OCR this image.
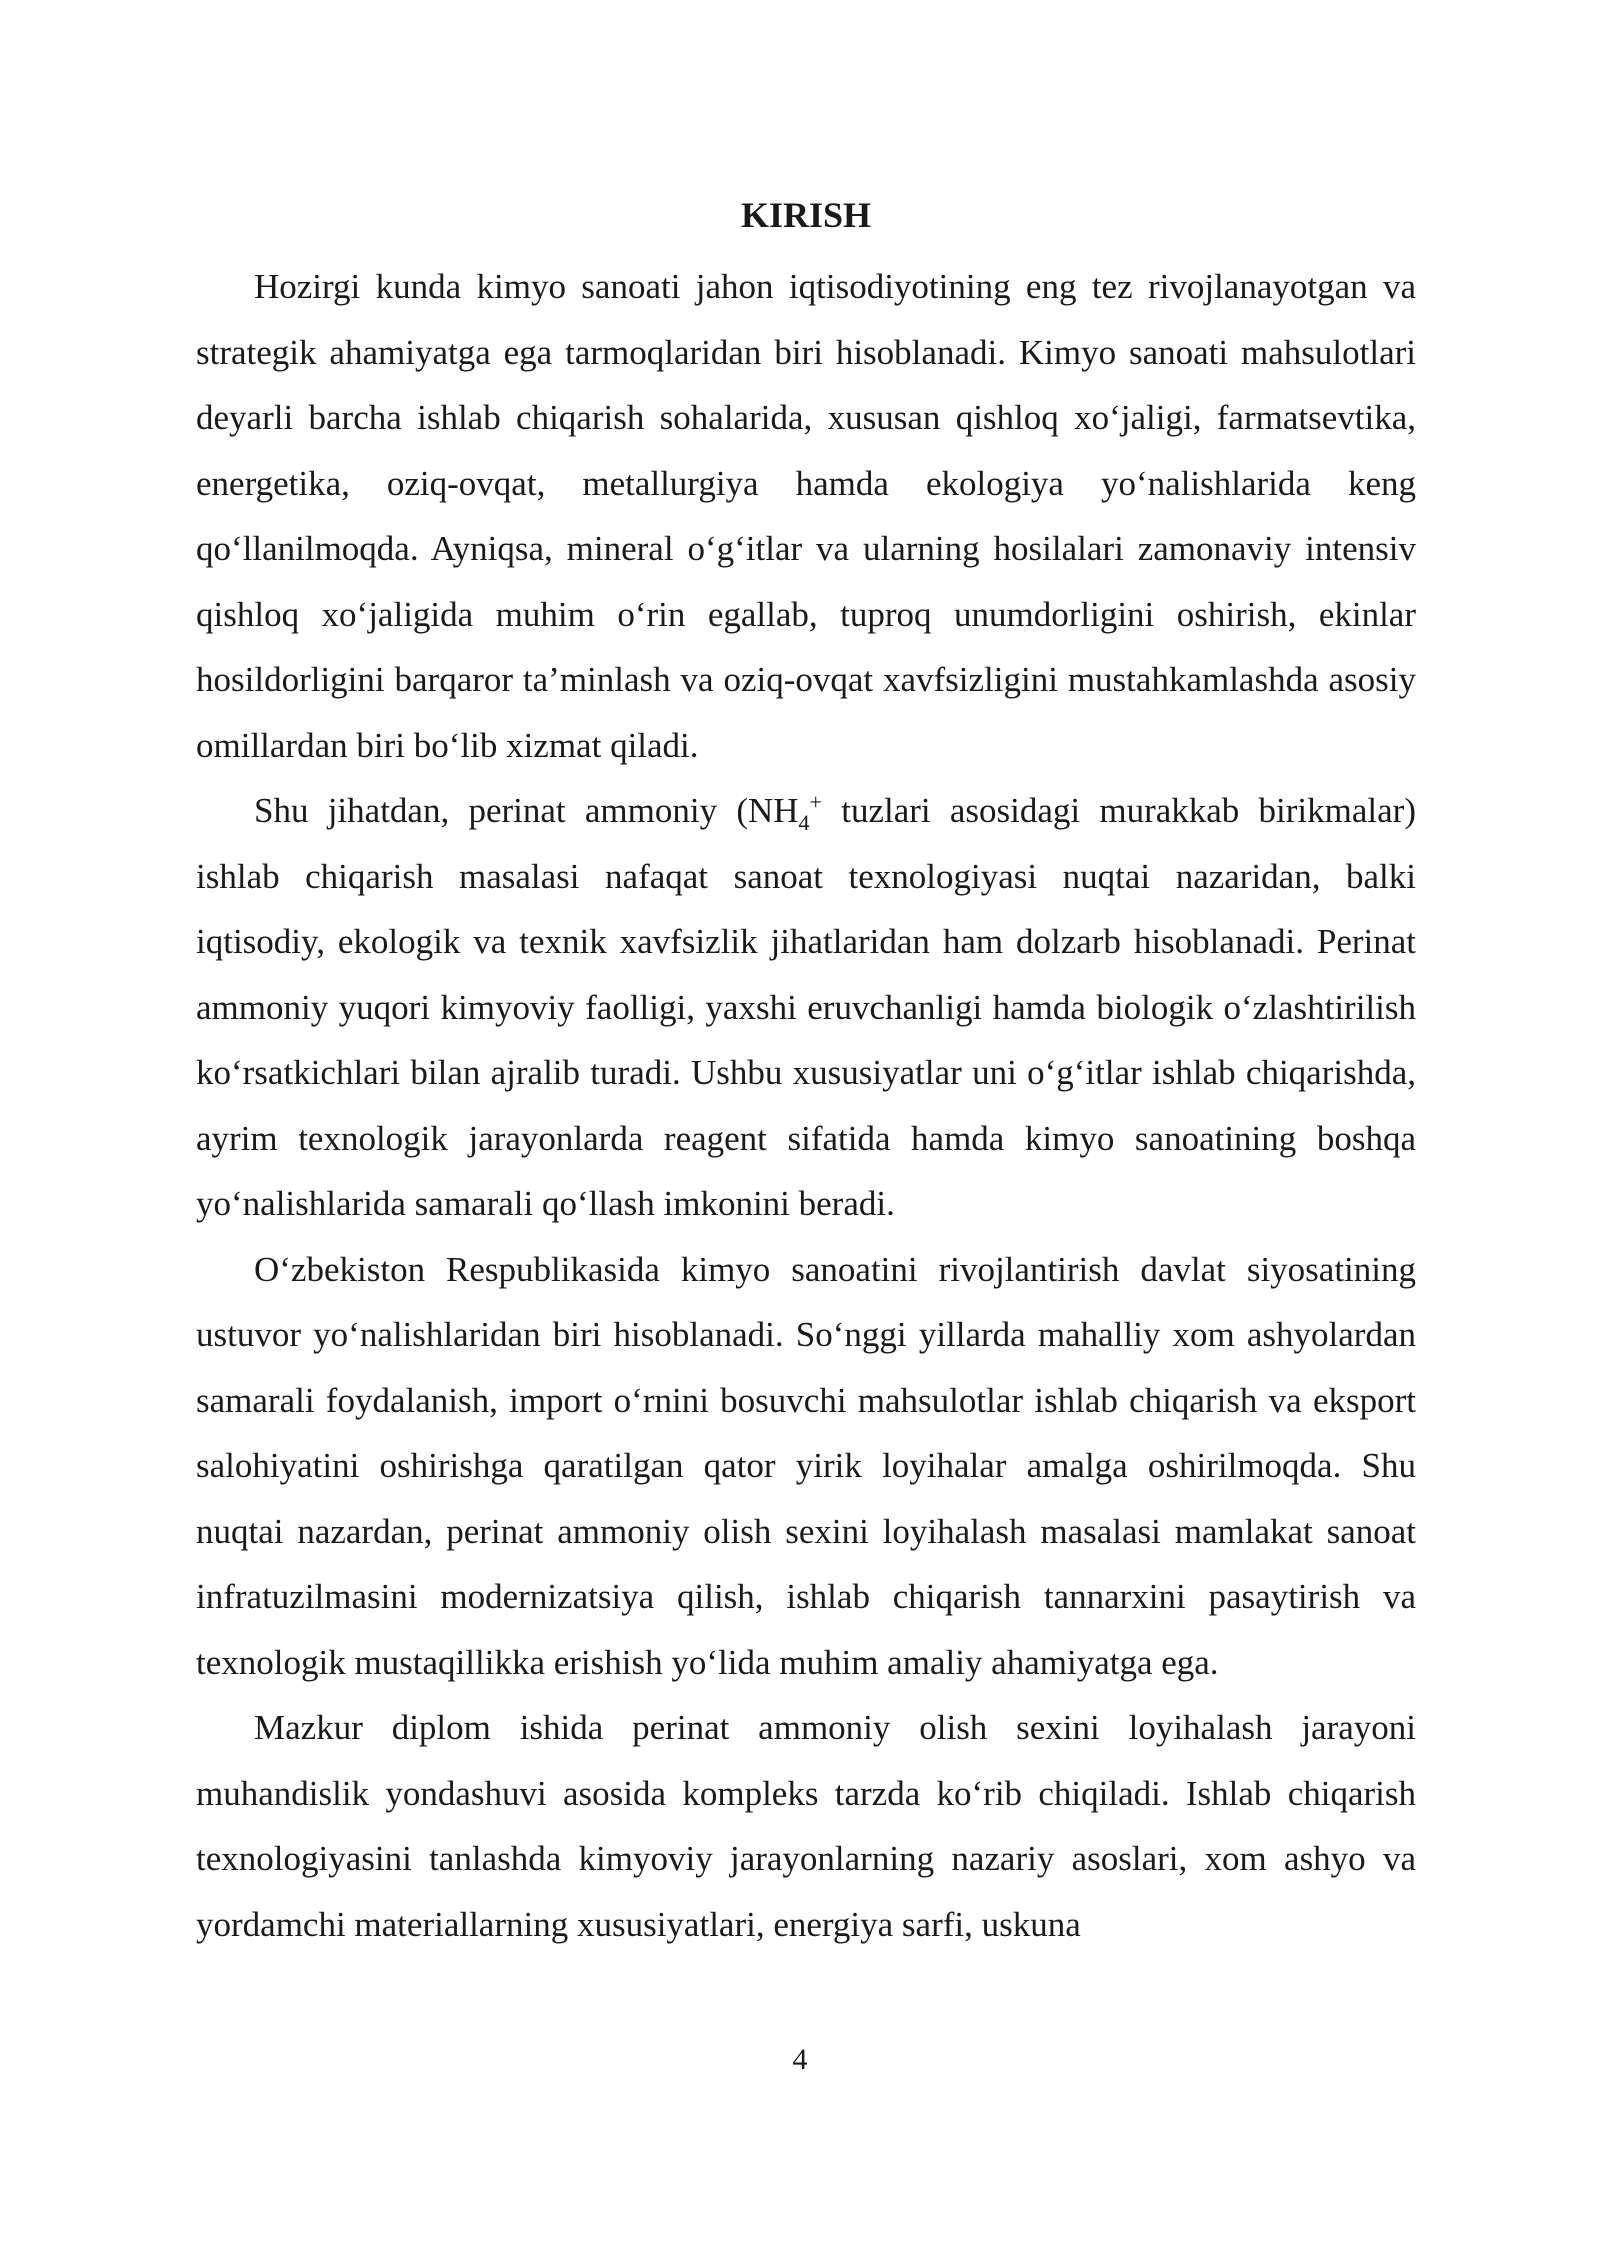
KIRISH

Hozirgi kunda kimyo sanoati jahon iqtisodiyotining eng tez rivojlanayotgan va strategik ahamiyatga ega tarmoqlaridan biri hisoblanadi. Kimyo sanoati mahsulotlari deyarli barcha ishlab chiqarish sohalarida, xususan qishloq xo‘jaligi, farmatsevtika, energetika, oziq-ovqat, metallurgiya hamda ekologiya yo‘nalishlarida keng qo‘llanilmoqda. Ayniqsa, mineral o‘g‘itlar va ularning hosilalari zamonaviy intensiv qishloq xo‘jaligida muhim o‘rin egallab, tuproq unumdorligini oshirish, ekinlar hosildorligini barqaror ta’minlash va oziq-ovqat xavfsizligini mustahkamlashda asosiy omillardan biri bo‘lib xizmat qiladi.

Shu jihatdan, perinat ammoniy ($NH_4^+$ tuzlari asosidagi murakkab birikmalar) ishlab chiqarish masalasi nafaqat sanoat texnologiyasi nuqtai nazaridan, balki iqtisodiy, ekologik va texnik xavfsizlik jihatlaridan ham dolzarb hisoblanadi. Perinat ammoniy yuqori kimyoviy faolligi, yaxshi eruvchanligi hamda biologik o‘zlashtirilish ko‘rsatkichlari bilan ajralib turadi. Ushbu xususiyatlar uni o‘g‘itlar ishlab chiqarishda, ayrim texnologik jarayonlarda reagent sifatida hamda kimyo sanoatining boshqa yo‘nalishlarida samarali qo‘llash imkonini beradi.

O‘zbekiston Respublikasida kimyo sanoatini rivojlantirish davlat siyosatining ustuvor yo‘nalishlaridan biri hisoblanadi. So‘nggi yillarda mahalliy xom ashyolardan samarali foydalanish, import o‘rnini bosuvchi mahsulotlar ishlab chiqarish va eksport salohiyatini oshirishga qaratilgan qator yirik loyihalar amalga oshirilmoqda. Shu nuqtai nazardan, perinat ammoniy olish sexini loyihalash masalasi mamlakat sanoat infratuzilmasini modernizatsiya qilish, ishlab chiqarish tannarxini pasaytirish va texnologik mustaqillikka erishish yo‘lida muhim amaliy ahamiyatga ega.

Mazkur diplom ishida perinat ammoniy olish sexini loyihalash jarayoni muhandislik yondashuvi asosida kompleks tarzda ko‘rib chiqiladi. Ishlab chiqarish texnologiyasini tanlashda kimyoviy jarayonlarning nazariy asoslari, xom ashyo va yordamchi materiallarning xususiyatlari, energiya sarfi, uskuna

4
